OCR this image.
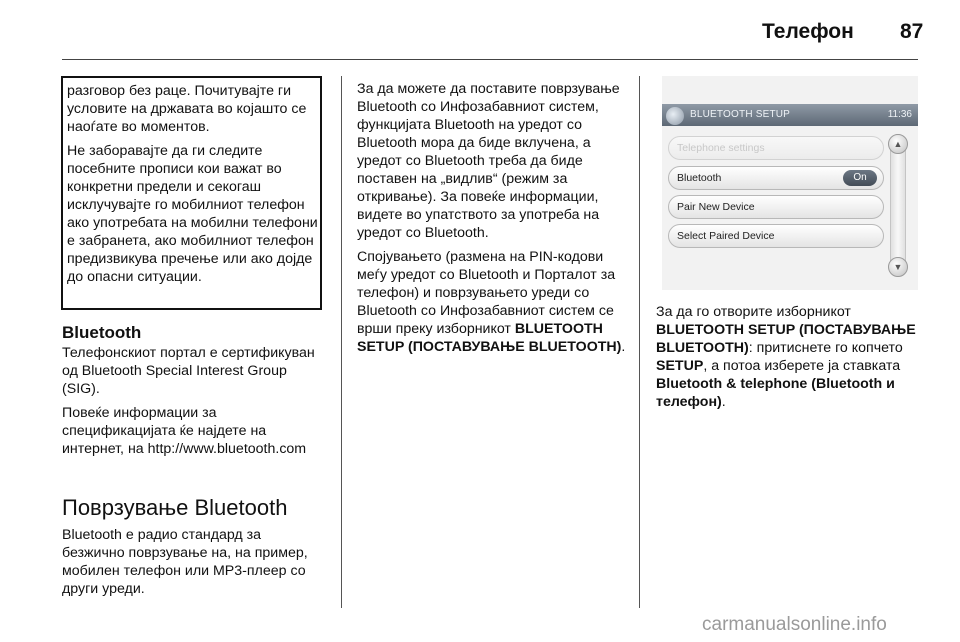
Телефон 87

разговор без раце. Почитувајте ги условите на државата во којашто се наоѓате во моментов.

Не заборавајте да ги следите посебните прописи кои важат во конкретни предели и секогаш исклучувајте го мобилниот телефон ако употребата на мобилни телефони е забранета, ако мобилниот телефон предизвикува пречење или ако дојде до опасни ситуации.

Bluetooth

Телефонскиот портал е сертификуван од Bluetooth Special Interest Group (SIG).

Повеќе информации за спецификацијата ќе најдете на интернет, на http://www.bluetooth.com

Поврзување Bluetooth

Bluetooth е радио стандард за безжично поврзување на, на пример, мобилен телефон или MP3-плеер со други уреди.

За да можете да поставите поврзување Bluetooth со Инфозабавниот систем, функцијата Bluetooth на уредот со Bluetooth мора да биде вклучена, а уредот со Bluetooth треба да биде поставен на „видлив“ (режим за откривање). За повеќе информации, видете во упатството за употреба на уредот со Bluetooth.

Спојувањето (размена на PIN-кодови меѓу уредот со Bluetooth и Порталот за телефон) и поврзувањето уреди со Bluetooth со Инфозабавниот систем се врши преку изборникот BLUETOOTH SETUP (ПОСТАВУВАЊЕ BLUETOOTH).

BLUETOOTH SETUP	11:36
Telephone settings
Bluetooth	On
Pair New Device
Select Paired Device
▲
▼

За да го отворите изборникот BLUETOOTH SETUP (ПОСТАВУВАЊЕ BLUETOOTH): притиснете го копчето SETUP, а потоа изберете ја ставката Bluetooth & telephone (Bluetooth и телефон).

carmanualsonline.info
